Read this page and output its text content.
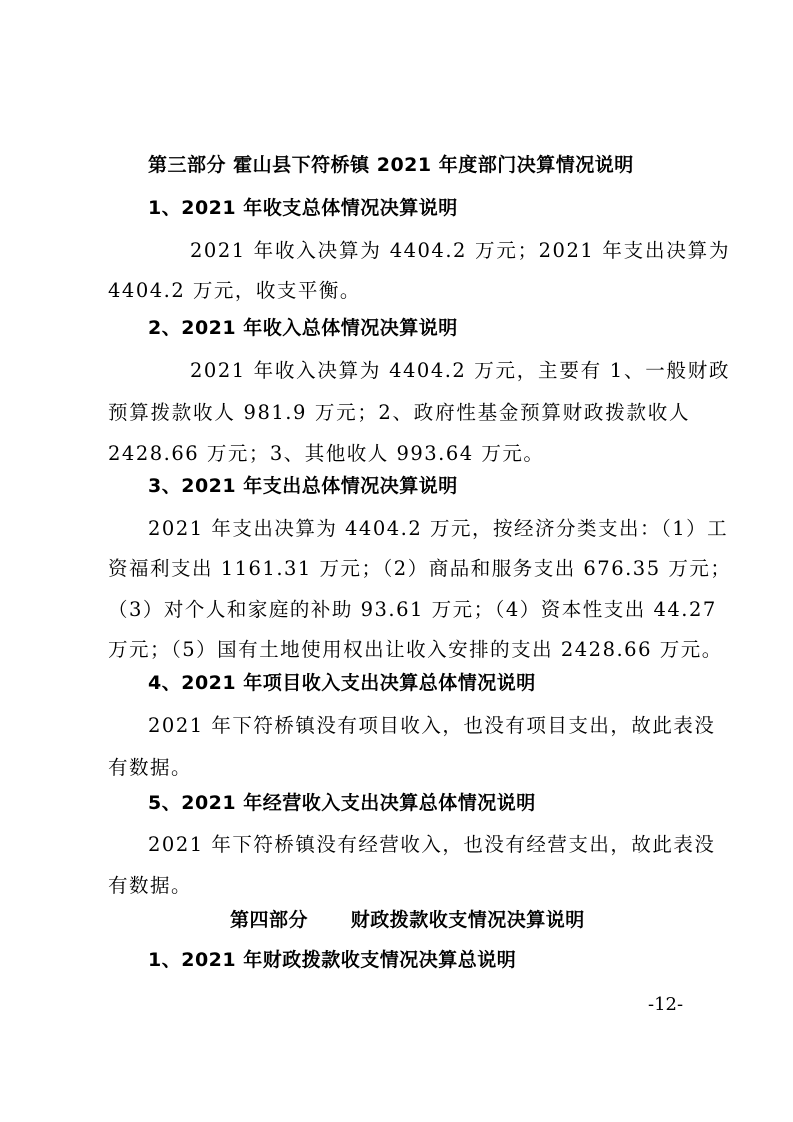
第三部分 霍山县下符桥镇 2021 年度部门决算情况说明

1、2021 年收支总体情况决算说明

2021 年收入决算为 4404.2 万元；2021 年支出决算为

4404.2 万元，收支平衡。

2、2021 年收入总体情况决算说明

2021 年收入决算为 4404.2 万元，主要有 1、一般财政

预算拨款收人 981.9 万元；2、政府性基金预算财政拨款收人

2428.66 万元；3、其他收人 993.64 万元。

3、2021 年支出总体情况决算说明

2021 年支出决算为 4404.2 万元，按经济分类支出：（1）工

资福利支出 1161.31 万元；（2）商品和服务支出 676.35 万元；

（3）对个人和家庭的补助 93.61 万元；（4）资本性支出 44.27

万元；（5）国有土地使用权出让收入安排的支出 2428.66 万元。

4、2021 年项目收入支出决算总体情况说明

2021 年下符桥镇没有项目收入，也没有项目支出，故此表没

有数据。

5、2021 年经营收入支出决算总体情况说明

2021 年下符桥镇没有经营收入，也没有经营支出，故此表没

有数据。

第四部分      财政拨款收支情况决算说明

1、2021 年财政拨款收支情况决算总说明

-12-
